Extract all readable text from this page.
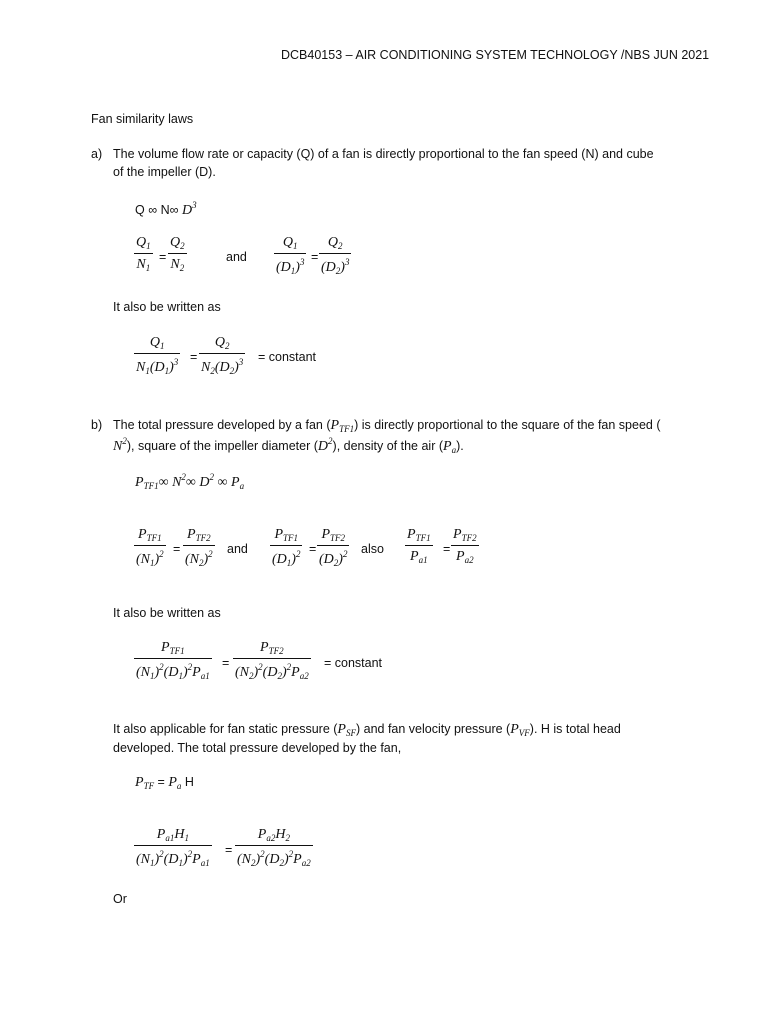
DCB40153 – AIR CONDITIONING SYSTEM TECHNOLOGY /NBS JUN 2021
Fan similarity laws
a) The volume flow rate or capacity (Q) of a fan is directly proportional to the fan speed (N) and cube
of the impeller (D).
Q ∞ N∞ $D^3$
$Q_1$
$N_1$
=
$Q_2$
$N_2$
and
$Q_1$
$(D_1)^3$ =
$Q_2$
$(D_2)^3$
It also be written as
$Q_1$
$N_1(D_1)^3$ =
$Q_2$
$N_2(D_2)^3$ = constant
b) The total pressure developed by a fan $(P_{TF1})$ is directly proportional to the square of the fan speed (
$N^2$), square of the impeller diameter $(D^2)$, density of the air $(P_a)$.
$P_{TF1}\infty$ $N^2\infty$ $D^2$ ∞ $P_a$
$P_{TF1}$
$(N_1)^2$ =
$P_{TF2}$
$(N_2)^2$ and
$P_{TF1}$
$(D_1)^2$ =
$P_{TF2}$
$(D_2)^2$ also
$P_{TF1}$
$P_{a1}$
=
$P_{TF2}$
$P_{a2}$
It also be written as
$P_{TF1}$
$(N_1)^2(D_1)^2P_{a1}$
=
$P_{TF2}$
$(N_2)^2(D_2)^2P_{a2}$
= constant
It also applicable for fan static pressure $(P_{SF})$ and fan velocity pressure $(P_{VF})$. H is total head
developed. The total pressure developed by the fan,
$P_{TF} = P_a$ H
$P_{a1}H_1$
$(N_1)^2(D_1)^2P_{a1}$
=
$P_{a2}H_2$
$(N_2)^2(D_2)^2P_{a2}$
Or
